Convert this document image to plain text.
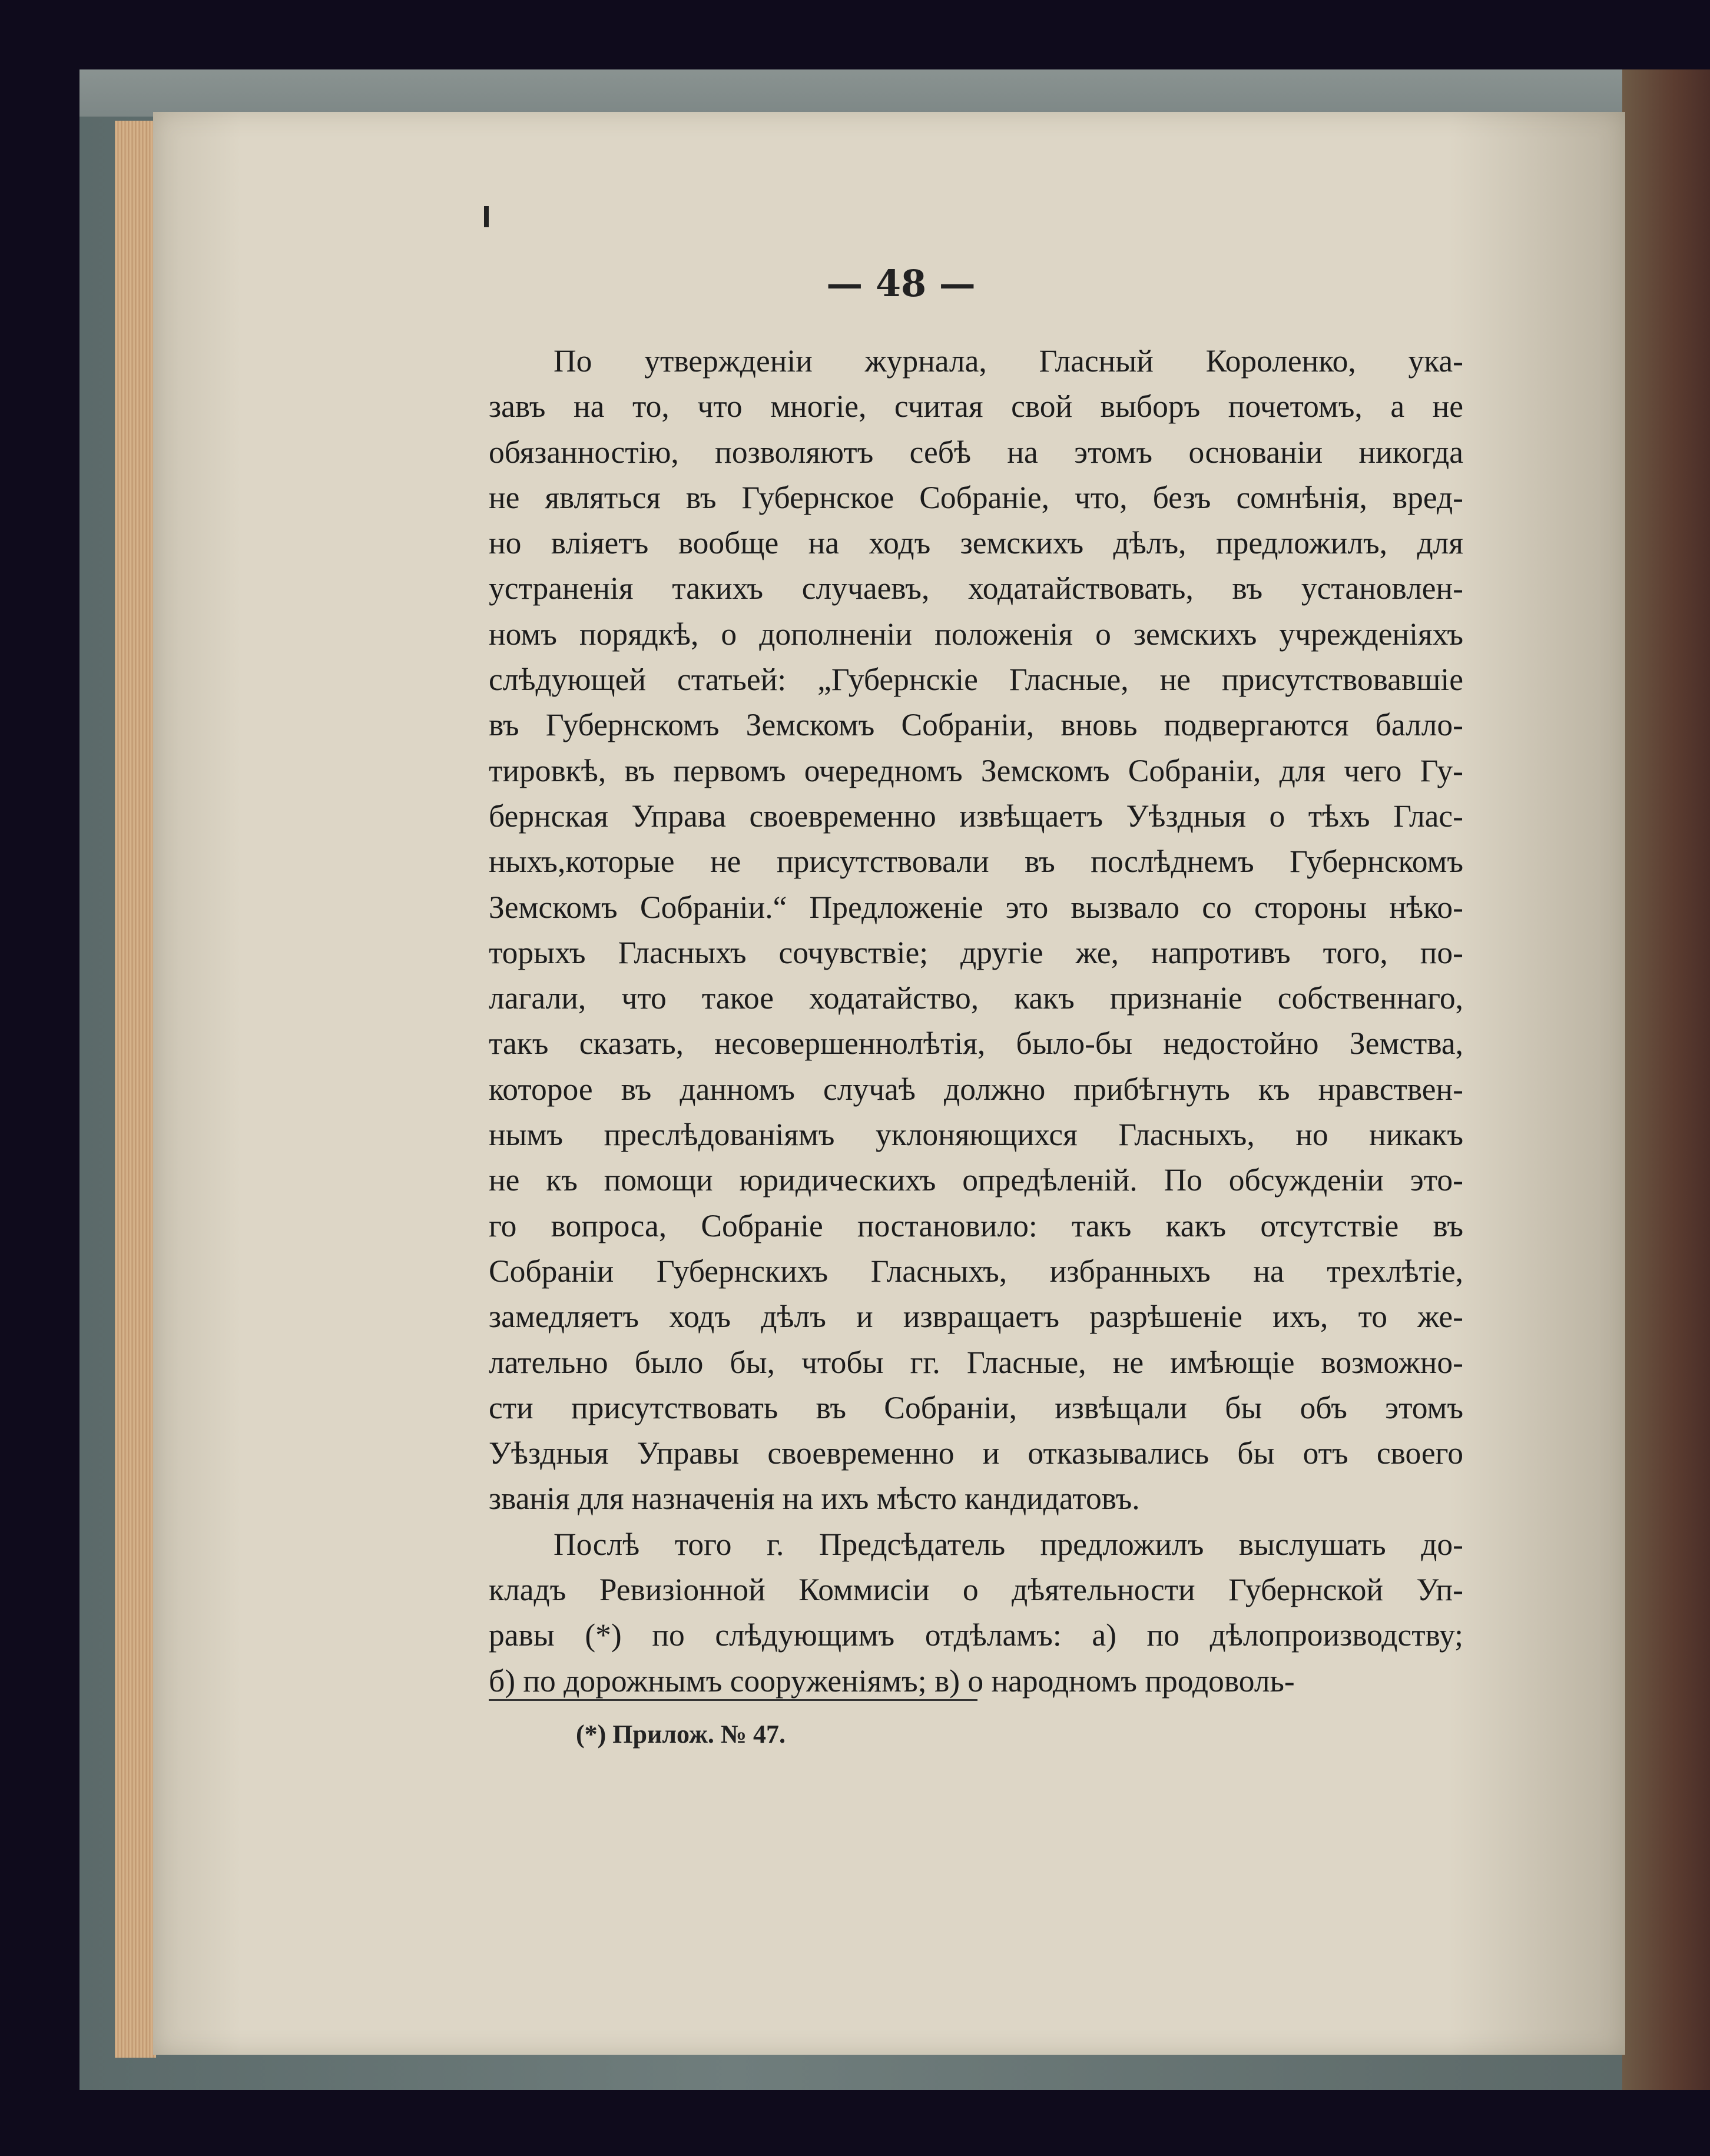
— 48 —
По утвержденіи журнала, Гласный Короленко, ука-
завъ на то, что многіе, считая свой выборъ почетомъ, а не
обязанностію, позволяютъ себѣ на этомъ основаніи никогда
не являться въ Губернское Собраніе, что, безъ сомнѣнія, вред-
но вліяетъ вообще на ходъ земскихъ дѣлъ, предложилъ, для
устраненія такихъ случаевъ, ходатайствовать, въ установлен-
номъ порядкѣ, о дополненіи положенія о земскихъ учрежденіяхъ
слѣдующей статьей: „Губернскіе Гласные, не присутствовавшіе
въ Губернскомъ Земскомъ Собраніи, вновь подвергаются балло-
тировкѣ, въ первомъ очередномъ Земскомъ Собраніи, для чего Гу-
бернская Управа своевременно извѣщаетъ Уѣздныя о тѣхъ Глас-
ныхъ,которые не присутствовали въ послѣднемъ Губернскомъ
Земскомъ Собраніи.“ Предложеніе это вызвало со стороны нѣко-
торыхъ Гласныхъ сочувствіе; другіе же, напротивъ того, по-
лагали, что такое ходатайство, какъ признаніе собственнаго,
такъ сказать, несовершеннолѣтія, было-бы недостойно Земства,
которое въ данномъ случаѣ должно прибѣгнуть къ нравствен-
нымъ преслѣдованіямъ уклоняющихся Гласныхъ, но никакъ
не къ помощи юридическихъ опредѣленій. По обсужденіи это-
го вопроса, Собраніе постановило: такъ какъ отсутствіе въ
Собраніи Губернскихъ Гласныхъ, избранныхъ на трехлѣтіе,
замедляетъ ходъ дѣлъ и извращаетъ разрѣшеніе ихъ, то же-
лательно было бы, чтобы гг. Гласные, не имѣющіе возможно-
сти присутствовать въ Собраніи, извѣщали бы объ этомъ
Уѣздныя Управы своевременно и отказывались бы отъ своего
званія для назначенія на ихъ мѣсто кандидатовъ.
Послѣ того г. Предсѣдатель предложилъ выслушать до-
кладъ Ревизіонной Коммисіи о дѣятельности Губернской Уп-
равы (*) по слѣдующимъ отдѣламъ: а) по дѣлопроизводству;
б) по дорожнымъ сооруженіямъ; в) о народномъ продоволь-
(*) Прилож. № 47.
